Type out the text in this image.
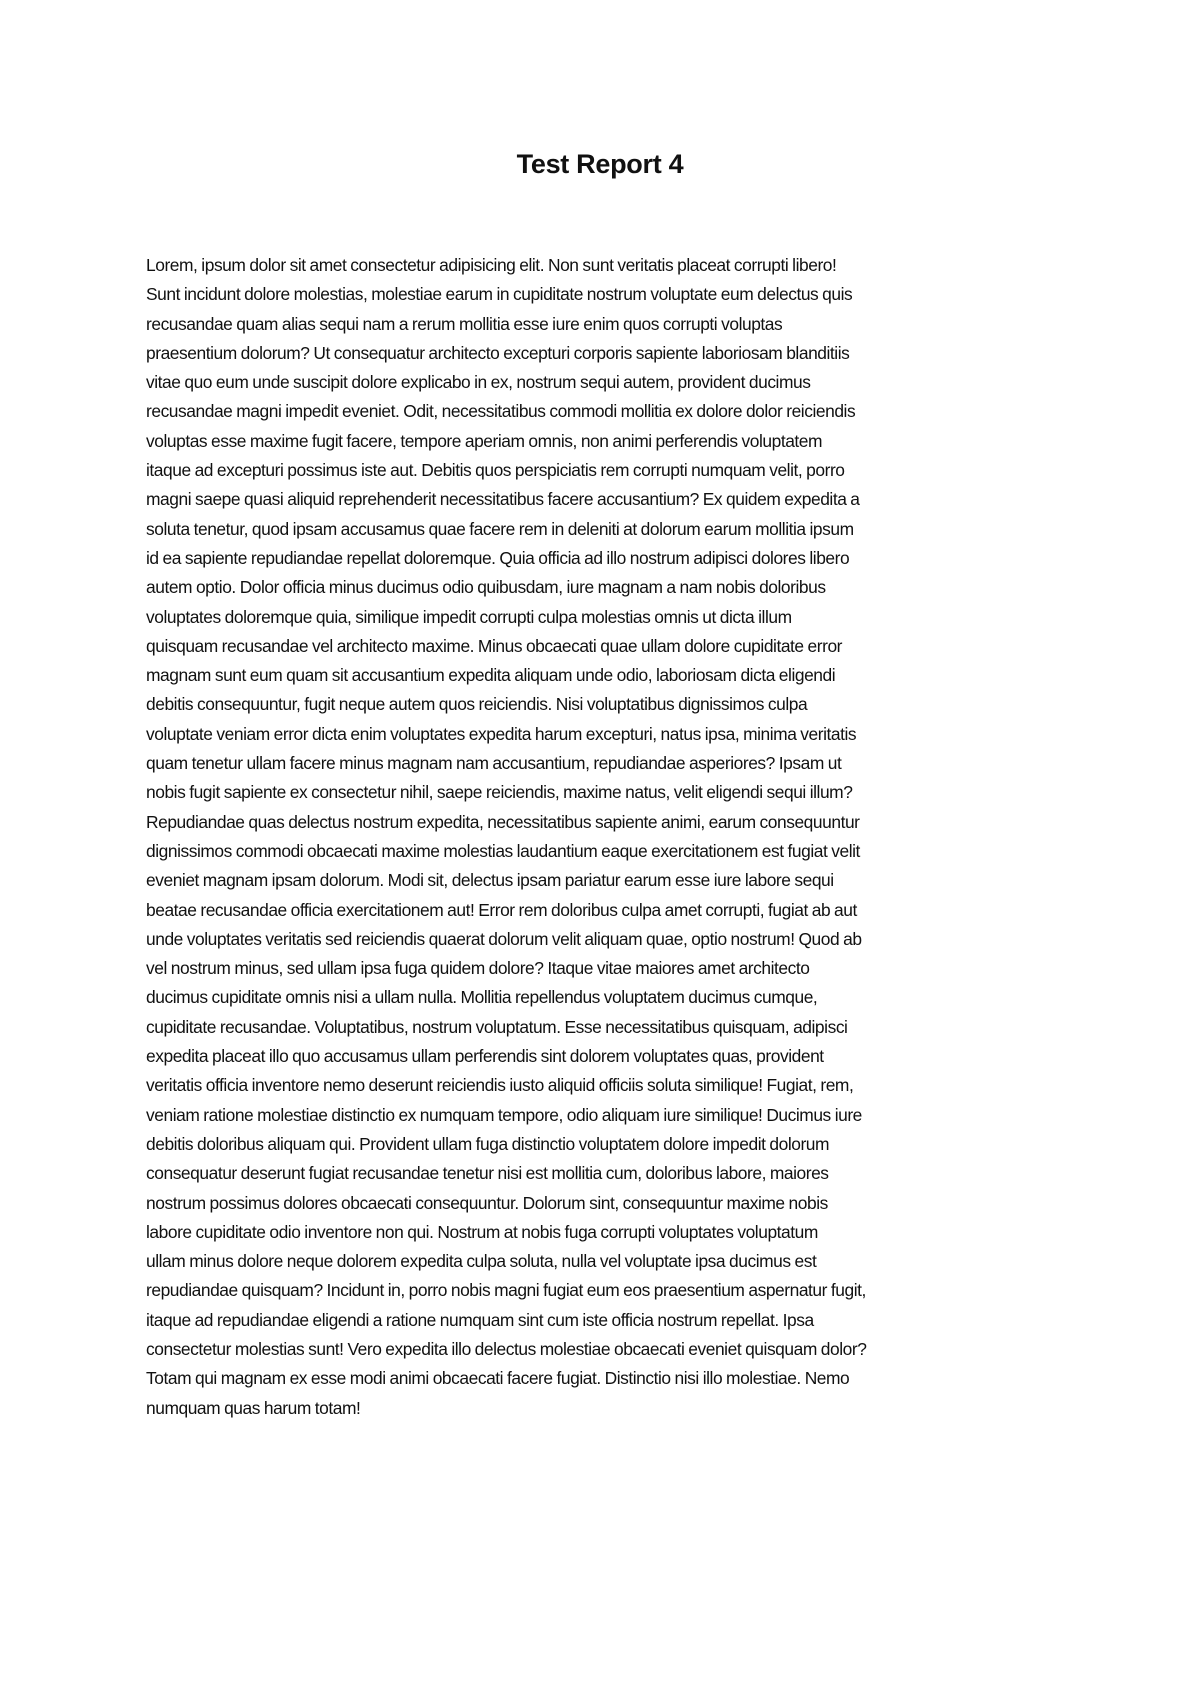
Test Report 4
Lorem, ipsum dolor sit amet consectetur adipisicing elit. Non sunt veritatis placeat corrupti libero!
Sunt incidunt dolore molestias, molestiae earum in cupiditate nostrum voluptate eum delectus quis
recusandae quam alias sequi nam a rerum mollitia esse iure enim quos corrupti voluptas
praesentium dolorum? Ut consequatur architecto excepturi corporis sapiente laboriosam blanditiis
vitae quo eum unde suscipit dolore explicabo in ex, nostrum sequi autem, provident ducimus
recusandae magni impedit eveniet. Odit, necessitatibus commodi mollitia ex dolore dolor reiciendis
voluptas esse maxime fugit facere, tempore aperiam omnis, non animi perferendis voluptatem
itaque ad excepturi possimus iste aut. Debitis quos perspiciatis rem corrupti numquam velit, porro
magni saepe quasi aliquid reprehenderit necessitatibus facere accusantium? Ex quidem expedita a
soluta tenetur, quod ipsam accusamus quae facere rem in deleniti at dolorum earum mollitia ipsum
id ea sapiente repudiandae repellat doloremque. Quia officia ad illo nostrum adipisci dolores libero
autem optio. Dolor officia minus ducimus odio quibusdam, iure magnam a nam nobis doloribus
voluptates doloremque quia, similique impedit corrupti culpa molestias omnis ut dicta illum
quisquam recusandae vel architecto maxime. Minus obcaecati quae ullam dolore cupiditate error
magnam sunt eum quam sit accusantium expedita aliquam unde odio, laboriosam dicta eligendi
debitis consequuntur, fugit neque autem quos reiciendis. Nisi voluptatibus dignissimos culpa
voluptate veniam error dicta enim voluptates expedita harum excepturi, natus ipsa, minima veritatis
quam tenetur ullam facere minus magnam nam accusantium, repudiandae asperiores? Ipsam ut
nobis fugit sapiente ex consectetur nihil, saepe reiciendis, maxime natus, velit eligendi sequi illum?
Repudiandae quas delectus nostrum expedita, necessitatibus sapiente animi, earum consequuntur
dignissimos commodi obcaecati maxime molestias laudantium eaque exercitationem est fugiat velit
eveniet magnam ipsam dolorum. Modi sit, delectus ipsam pariatur earum esse iure labore sequi
beatae recusandae officia exercitationem aut! Error rem doloribus culpa amet corrupti, fugiat ab aut
unde voluptates veritatis sed reiciendis quaerat dolorum velit aliquam quae, optio nostrum! Quod ab
vel nostrum minus, sed ullam ipsa fuga quidem dolore? Itaque vitae maiores amet architecto
ducimus cupiditate omnis nisi a ullam nulla. Mollitia repellendus voluptatem ducimus cumque,
cupiditate recusandae. Voluptatibus, nostrum voluptatum. Esse necessitatibus quisquam, adipisci
expedita placeat illo quo accusamus ullam perferendis sint dolorem voluptates quas, provident
veritatis officia inventore nemo deserunt reiciendis iusto aliquid officiis soluta similique! Fugiat, rem,
veniam ratione molestiae distinctio ex numquam tempore, odio aliquam iure similique! Ducimus iure
debitis doloribus aliquam qui. Provident ullam fuga distinctio voluptatem dolore impedit dolorum
consequatur deserunt fugiat recusandae tenetur nisi est mollitia cum, doloribus labore, maiores
nostrum possimus dolores obcaecati consequuntur. Dolorum sint, consequuntur maxime nobis
labore cupiditate odio inventore non qui. Nostrum at nobis fuga corrupti voluptates voluptatum
ullam minus dolore neque dolorem expedita culpa soluta, nulla vel voluptate ipsa ducimus est
repudiandae quisquam? Incidunt in, porro nobis magni fugiat eum eos praesentium aspernatur fugit,
itaque ad repudiandae eligendi a ratione numquam sint cum iste officia nostrum repellat. Ipsa
consectetur molestias sunt! Vero expedita illo delectus molestiae obcaecati eveniet quisquam dolor?
Totam qui magnam ex esse modi animi obcaecati facere fugiat. Distinctio nisi illo molestiae. Nemo
numquam quas harum totam!
